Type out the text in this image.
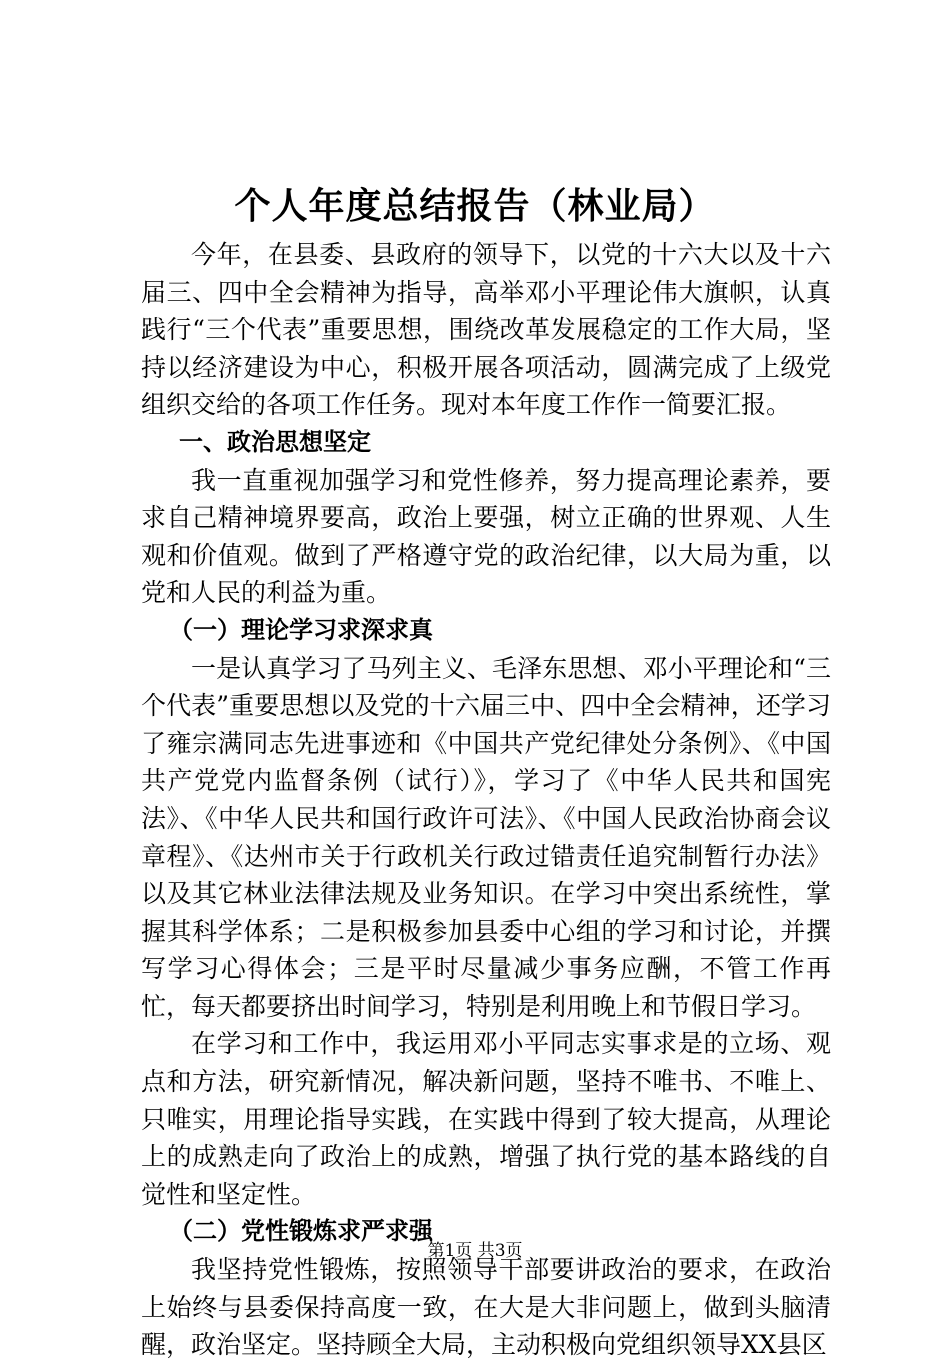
个人年度总结报告（林业局）

今年，在县委、县政府的领导下，以党的十六大以及十六届三、四中全会精神为指导，高举邓小平理论伟大旗帜，认真践行“三个代表”重要思想，围绕改革发展稳定的工作大局，坚持以经济建设为中心，积极开展各项活动，圆满完成了上级党组织交给的各项工作任务。现对本年度工作作一简要汇报。

一、政治思想坚定

我一直重视加强学习和党性修养，努力提高理论素养，要求自己精神境界要高，政治上要强，树立正确的世界观、人生观和价值观。做到了严格遵守党的政治纪律，以大局为重，以党和人民的利益为重。

（一）理论学习求深求真

一是认真学习了马列主义、毛泽东思想、邓小平理论和“三个代表”重要思想以及党的十六届三中、四中全会精神，还学习了雍宗满同志先进事迹和《中国共产党纪律处分条例》、《中国共产党党内监督条例（试行）》，学习了《中华人民共和国宪法》、《中华人民共和国行政许可法》、《中国人民政治协商会议章程》、《达州市关于行政机关行政过错责任追究制暂行办法》以及其它林业法律法规及业务知识。在学习中突出系统性，掌握其科学体系；二是积极参加县委中心组的学习和讨论，并撰写学习心得体会；三是平时尽量减少事务应酬，不管工作再忙，每天都要挤出时间学习，特别是利用晚上和节假日学习。

在学习和工作中，我运用邓小平同志实事求是的立场、观点和方法，研究新情况，解决新问题，坚持不唯书、不唯上、只唯实，用理论指导实践，在实践中得到了较大提高，从理论上的成熟走向了政治上的成熟，增强了执行党的基本路线的自觉性和坚定性。

（二）党性锻炼求严求强

我坚持党性锻炼，按照领导干部要讲政治的要求，在政治上始终与县委保持高度一致，在大是大非问题上，做到头脑清醒，政治坚定。坚持顾全大局，主动积极向党组织领导XX县区

第1页 共3页
